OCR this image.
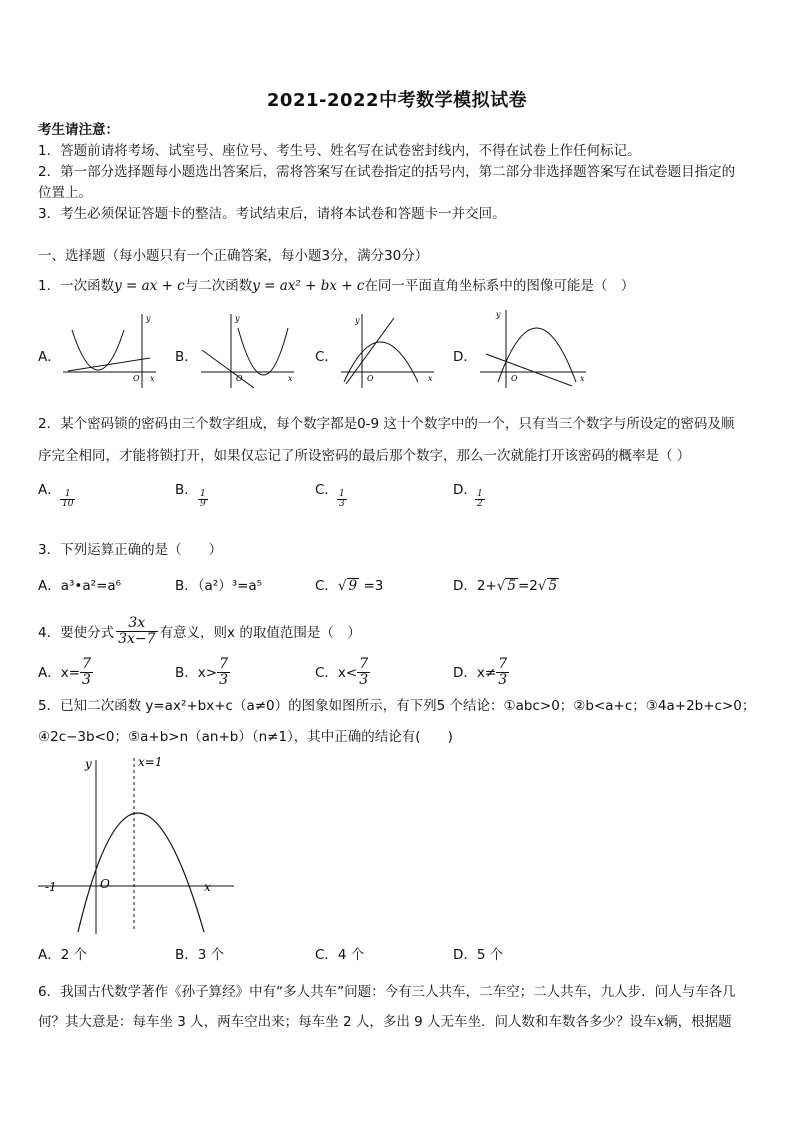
2021-2022中考数学模拟试卷
考生请注意：
1．答题前请将考场、试室号、座位号、考生号、姓名写在试卷密封线内，不得在试卷上作任何标记。
2．第一部分选择题每小题选出答案后，需将答案写在试卷指定的括号内，第二部分非选择题答案写在试卷题目指定的
位置上。
3．考生必须保证答题卡的整洁。考试结束后，请将本试卷和答题卡一并交回。
一、选择题（每小题只有一个正确答案，每小题3分，满分30分）
1．一次函数y = ax + c与二次函数y = ax² + bx + c在同一平面直角坐标系中的图像可能是（　）
A．
y
x
O
B．
y
x
O
C．
y
x
O
D．
y
x
O
2．某个密码锁的密码由三个数字组成，每个数字都是0-9 这十个数字中的一个，只有当三个数字与所设定的密码及顺
序完全相同，才能将锁打开，如果仅忘记了所设密码的最后那个数字，那么一次就能打开该密码的概率是（ ）
A． $\frac{1}{10}$	B． $\frac{1}{9}$	C． $\frac{1}{3}$	D．
$\frac{1}{2}$
3．下列运算正确的是（　　）
A．a³•a²=a⁶	B．（a²）³=a⁵	C．√ 9 =3	D．2+√ 5 =2√ 5
4．要使分式 $\frac{3x}{3x-7}$ 有意义，则x 的取值范围是（　）
A．$x= \frac{7}{3}$	B．$x> \frac{7}{3}$	C．$x< \frac{7}{3}$	D．$x\ne \frac{7}{3}$
5．已知二次函数 y=ax²+bx+c（a≠0）的图象如图所示，有下列5 个结论：①abc>0；②b<a+c；③4a+2b+c>0；
④2c−3b<0；⑤a+b>n（an+b）（n≠1），其中正确的结论有(　　)
y
x
O
-1
x=1
A．2 个	B．3 个	C．4 个	D．5 个
6．我国古代数学著作《孙子算经》中有“多人共车”问题：今有三人共车，二车空；二人共车，九人步．问人与车各几
何？其大意是：每车坐 3 人，两车空出来；每车坐 2 人，多出 9 人无车坐．问人数和车数各多少？设车x辆，根据题
